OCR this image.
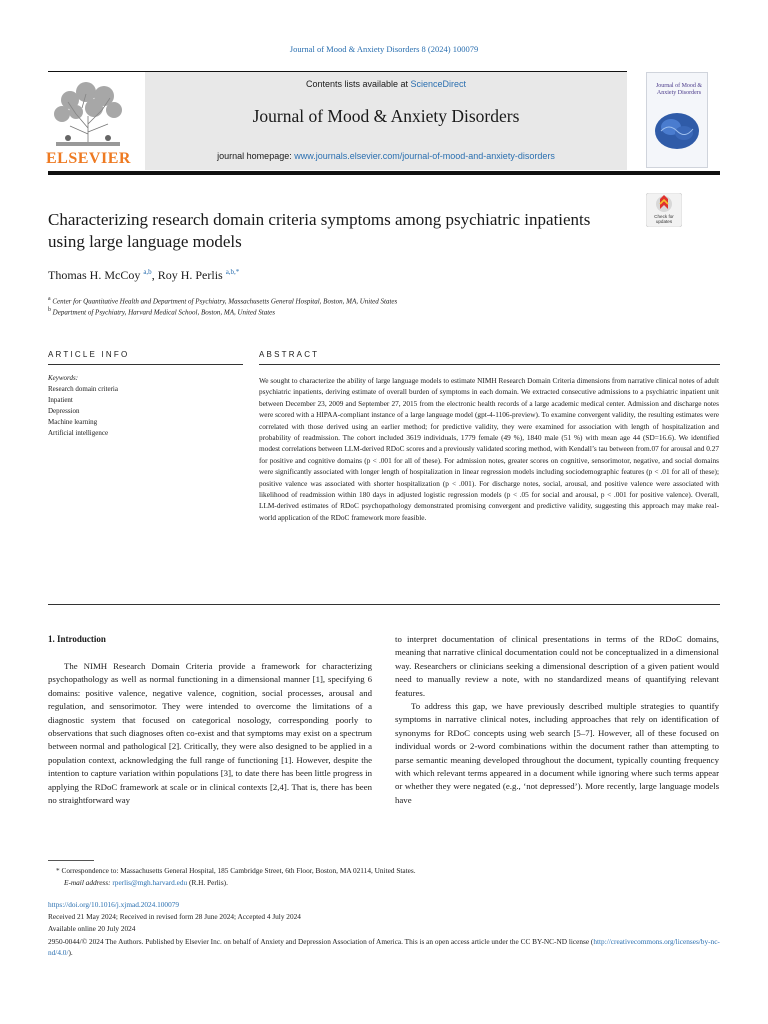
Journal of Mood & Anxiety Disorders 8 (2024) 100079
ELSEVIER
Contents lists available at ScienceDirect
Journal of Mood & Anxiety Disorders
journal homepage: www.journals.elsevier.com/journal-of-mood-and-anxiety-disorders
Journal of Mood & Anxiety Disorders
Characterizing research domain criteria symptoms among psychiatric inpatients using large language models
Check for
updates
Thomas H. McCoy $^{a,b}$, Roy H. Perlis $^{a,b,*}$
$^a$ Center for Quantitative Health and Department of Psychiatry, Massachusetts General Hospital, Boston, MA, United States
$^b$ Department of Psychiatry, Harvard Medical School, Boston, MA, United States
ARTICLE INFO	ABSTRACT
Keywords:
Research domain criteria
Inpatient
Depression
Machine learning
Artificial intelligence
We sought to characterize the ability of large language models to estimate NIMH Research Domain Criteria dimensions from narrative clinical notes of adult psychiatric inpatients, deriving estimate of overall burden of symptoms in each domain. We extracted consecutive admissions to a psychiatric inpatient unit between December 23, 2009 and September 27, 2015 from the electronic health records of a large academic medical center. Admission and discharge notes were scored with a HIPAA-compliant instance of a large language model (gpt-4-1106-preview). To examine convergent validity, the resulting estimates were correlated with those derived using an earlier method; for predictive validity, they were examined for association with length of hospitalization and probability of readmission. The cohort included 3619 individuals, 1779 female (49 %), 1840 male (51 %) with mean age 44 (SD=16.6). We identified modest correlations between LLM-derived RDoC scores and a previously validated scoring method, with Kendall’s tau between from.07 for arousal and 0.27 for positive and cognitive domains (p < .001 for all of these). For admission notes, greater scores on cognitive, sensorimotor, negative, and social domains were significantly associated with longer length of hospitalization in linear regression models including sociodemographic features (p < .01 for all of these); positive valence was associated with shorter hospitalization (p < .001). For discharge notes, social, arousal, and positive valence were associated with likelihood of readmission within 180 days in adjusted logistic regression models (p < .05 for social and arousal, p < .001 for positive valence). Overall, LLM-derived estimates of RDoC psychopathology demonstrated promising convergent and predictive validity, suggesting this approach may make real-world application of the RDoC framework more feasible.
1. Introduction

The NIMH Research Domain Criteria provide a framework for characterizing psychopathology as well as normal functioning in a dimensional manner [1], specifying 6 domains: positive valence, negative valence, cognition, social processes, arousal and regulation, and sensorimotor. They were intended to overcome the limitations of a diagnostic system that focused on categorical nosology, corresponding poorly to observations that such diagnoses often co-exist and that symptoms may exist on a spectrum between normal and pathological [2]. Critically, they were also designed to be applied in a population context, acknowledging the full range of functioning [1]. However, despite the intention to capture variation within populations [3], to date there has been little progress in applying the RDoC framework at scale or in clinical contexts [2,4]. That is, there has been no straightforward way

to interpret documentation of clinical presentations in terms of the RDoC domains, meaning that narrative clinical documentation could not be conceptualized in a dimensional way. Researchers or clinicians seeking a dimensional description of a given patient would need to manually review a note, with no standardized means of quantifying relevant features.

To address this gap, we have previously described multiple strategies to quantify symptoms in narrative clinical notes, including approaches that rely on identification of synonyms for RDoC concepts using web search [5–7]. However, all of these focused on individual words or 2-word combinations within the document rather than attempting to parse semantic meaning developed throughout the document, typically counting frequency with which relevant terms appeared in a document while ignoring where such terms appear or whether they were negated (e.g., ‘not depressed’). More recently, large language models have

* Correspondence to: Massachusetts General Hospital, 185 Cambridge Street, 6th Floor, Boston, MA 02114, United States.
E-mail address: rperlis@mgh.harvard.edu (R.H. Perlis).
https://doi.org/10.1016/j.xjmad.2024.100079
Received 21 May 2024; Received in revised form 28 June 2024; Accepted 4 July 2024
Available online 20 July 2024
2950-0044/© 2024 The Authors. Published by Elsevier Inc. on behalf of Anxiety and Depression Association of America. This is an open access article under the CC BY-NC-ND license (http://creativecommons.org/licenses/by-nc-nd/4.0/).
